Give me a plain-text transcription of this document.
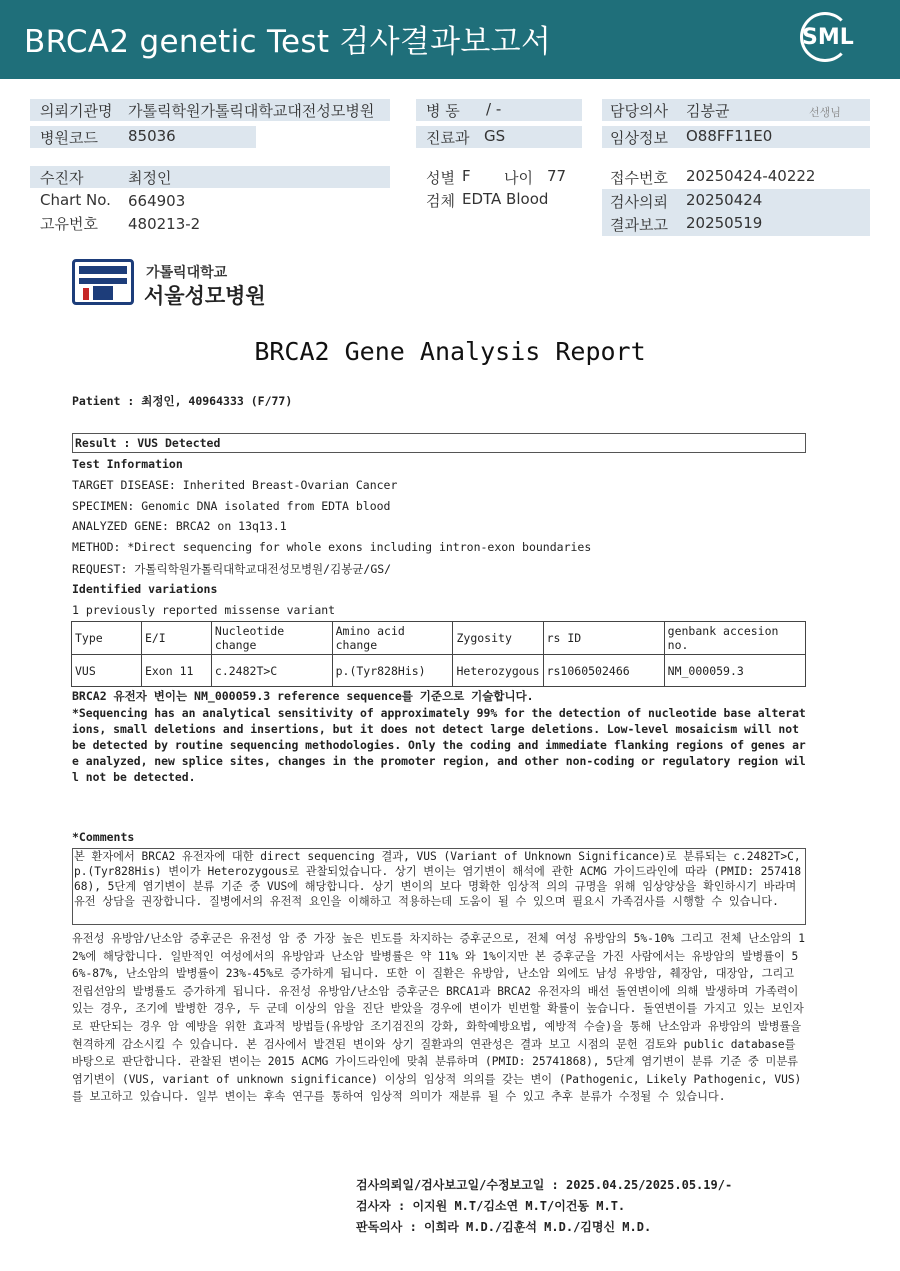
BRCA2 genetic Test 검사결과보고서	SML
의뢰기관명 가톨릭학원가톨릭대학교대전성모병원
병원코드 85036
수진자	최정인
Chart No. 664903
고유번호 480213-2
병 동 / -
진료과 GS
성별 F 나이 77
검체 EDTA Blood
담당의사 김봉균	선생님
임상정보 O88FF11E0
접수번호 20250424-40222
검사의뢰 20250424
결과보고 20250519
가톨릭대학교
서울성모병원
BRCA2 Gene Analysis Report
Patient : 최정인, 40964333 (F/77)
Result : VUS Detected
Test Information
TARGET DISEASE: Inherited Breast-Ovarian Cancer
SPECIMEN: Genomic DNA isolated from EDTA blood
ANALYZED GENE: BRCA2 on 13q13.1
METHOD: *Direct sequencing for whole exons including intron-exon boundaries
REQUEST: 가톨릭학원가톨릭대학교대전성모병원/김봉균/GS/
Identified variations
1 previously reported missense variant
Type	E/I	Nucleotide change	Amino acid change	Zygosity	rs ID	genbank accesion no.
VUS	Exon 11	c.2482T>C	p.(Tyr828His)	Heterozygous	rs1060502466	NM_000059.3
BRCA2 유전자 변이는 NM_000059.3 reference sequence를 기준으로 기술합니다.
*Sequencing has an analytical sensitivity of approximately 99% for the detection of nucleotide base alterations, small deletions and insertions, but it does not detect large deletions. Low-level mosaicism will not be detected by routine sequencing methodologies. Only the coding and immediate flanking regions of genes are analyzed, new splice sites, changes in the promoter region, and other non-coding or regulatory region will not be detected.
*Comments
본 환자에서 BRCA2 유전자에 대한 direct sequencing 결과, VUS (Variant of Unknown Significance)로 분류되는 c.2482T>C, p.(Tyr828His) 변이가 Heterozygous로 관찰되었습니다. 상기 변이는 염기변이 해석에 관한 ACMG 가이드라인에 따라 (PMID: 25741868), 5단계 염기변이 분류 기준 중 VUS에 해당합니다. 상기 변이의 보다 명확한 임상적 의의 규명을 위해 임상양상을 확인하시기 바라며 유전 상담을 권장합니다. 질병에서의 유전적 요인을 이해하고 적용하는데 도움이 될 수 있으며 필요시 가족검사를 시행할 수 있습니다.
유전성 유방암/난소암 증후군은 유전성 암 중 가장 높은 빈도를 차지하는 증후군으로, 전체 여성 유방암의 5%-10% 그리고 전체 난소암의 12%에 해당합니다. 일반적인 여성에서의 유방암과 난소암 발병률은 약 11% 와 1%이지만 본 증후군을 가진 사람에서는 유방암의 발병률이 56%-87%, 난소암의 발병률이 23%-45%로 증가하게 됩니다. 또한 이 질환은 유방암, 난소암 외에도 남성 유방암, 췌장암, 대장암, 그리고 전립선암의 발병률도 증가하게 됩니다. 유전성 유방암/난소암 증후군은 BRCA1과 BRCA2 유전자의 배선 돌연변이에 의해 발생하며 가족력이 있는 경우, 조기에 발병한 경우, 두 군데 이상의 암을 진단 받았을 경우에 변이가 빈번할 확률이 높습니다. 돌연변이를 가지고 있는 보인자로 판단되는 경우 암 예방을 위한 효과적 방법들(유방암 조기검진의 강화, 화학예방요법, 예방적 수술)을 통해 난소암과 유방암의 발병률을 현격하게 감소시킬 수 있습니다. 본 검사에서 발견된 변이와 상기 질환과의 연관성은 결과 보고 시점의 문헌 검토와 public database를 바탕으로 판단합니다. 관찰된 변이는 2015 ACMG 가이드라인에 맞춰 분류하며 (PMID: 25741868), 5단계 염기변이 분류 기준 중 미분류 염기변이 (VUS, variant of unknown significance) 이상의 임상적 의의를 갖는 변이 (Pathogenic, Likely Pathogenic, VUS) 를 보고하고 있습니다. 일부 변이는 후속 연구를 통하여 임상적 의미가 재분류 될 수 있고 추후 분류가 수정될 수 있습니다.
검사의뢰일/검사보고일/수정보고일 : 2025.04.25/2025.05.19/-
검사자 : 이지원 M.T/김소연 M.T/이건동 M.T.
판독의사 : 이희라 M.D./김훈석 M.D./김명신 M.D.
